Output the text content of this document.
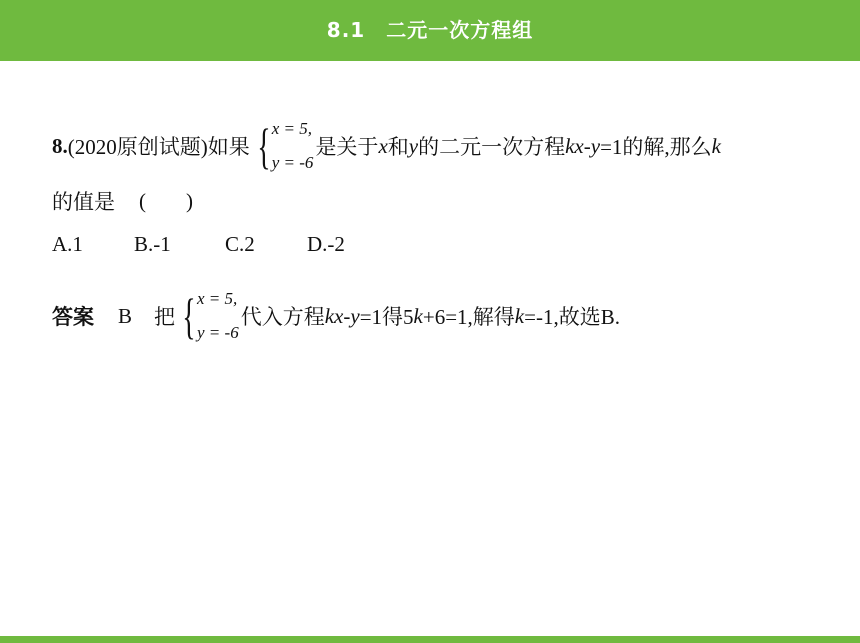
8.1　二元一次方程组
8. (2020原创试题) 如果 { x = 5,
y = -6
是关于 x 和 y 的二元一次方程 k x - y =1的解,那么 k
的值是 ( )
A.1	B.-1	C.2	D.-2
答案 B 把 { x = 5,
y = -6
代入方程 k x - y =1得5 k +6=1,解得 k =-1,故选B.
